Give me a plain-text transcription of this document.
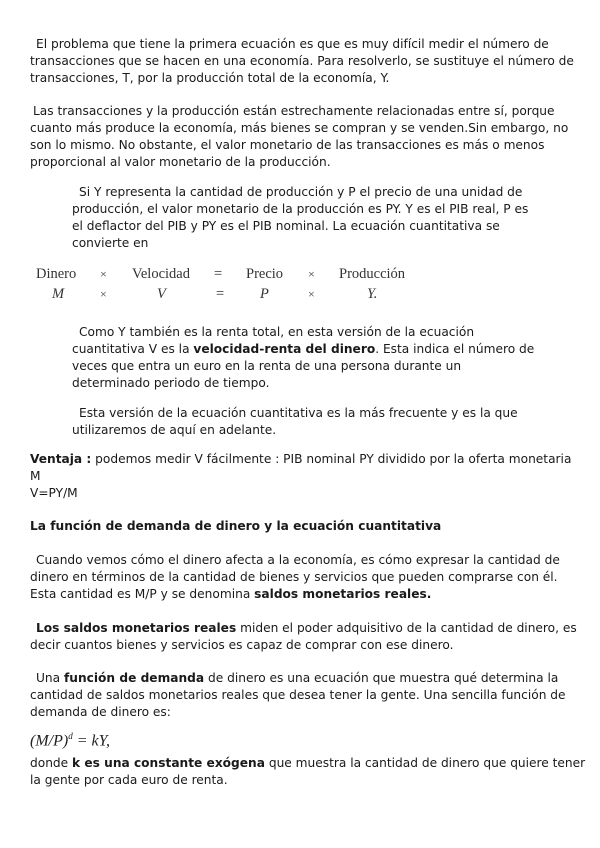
El problema que tiene la primera ecuación es que es muy difícil medir el número de
transacciones que se hacen en una economía. Para resolverlo, se sustituye el número de
transacciones, T, por la producción total de la economía, Y.
Las transacciones y la producción están estrechamente relacionadas entre sí, porque
cuanto más produce la economía, más bienes se compran y se venden.Sin embargo, no
son lo mismo. No obstante, el valor monetario de las transacciones es más o menos
proporcional al valor monetario de la producción.
Si Y representa la cantidad de producción y P el precio de una unidad de
producción, el valor monetario de la producción es PY. Y es el PIB real, P es
el deflactor del PIB y PY es el PIB nominal. La ecuación cuantitativa se
convierte en
Dinero × Velocidad = Precio × Producción
M	×	V	= P	×	Y.
Como Y también es la renta total, en esta versión de la ecuación
cuantitativa V es la velocidad-renta del dinero. Esta indica el número de
veces que entra un euro en la renta de una persona durante un
determinado periodo de tiempo.
Esta versión de la ecuación cuantitativa es la más frecuente y es la que
utilizaremos de aquí en adelante.
Ventaja : podemos medir V fácilmente : PIB nominal PY dividido por la oferta monetaria
M
V=PY/M
La función de demanda de dinero y la ecuación cuantitativa
Cuando vemos cómo el dinero afecta a la economía, es cómo expresar la cantidad de
dinero en términos de la cantidad de bienes y servicios que pueden comprarse con él.
Esta cantidad es M/P y se denomina saldos monetarios reales.
Los saldos monetarios reales miden el poder adquisitivo de la cantidad de dinero, es
decir cuantos bienes y servicios es capaz de comprar con ese dinero.
Una función de demanda de dinero es una ecuación que muestra qué determina la
cantidad de saldos monetarios reales que desea tener la gente. Una sencilla función de
demanda de dinero es:
$(M/P)^d$ = kY,
donde k es una constante exógena que muestra la cantidad de dinero que quiere tener
la gente por cada euro de renta.
